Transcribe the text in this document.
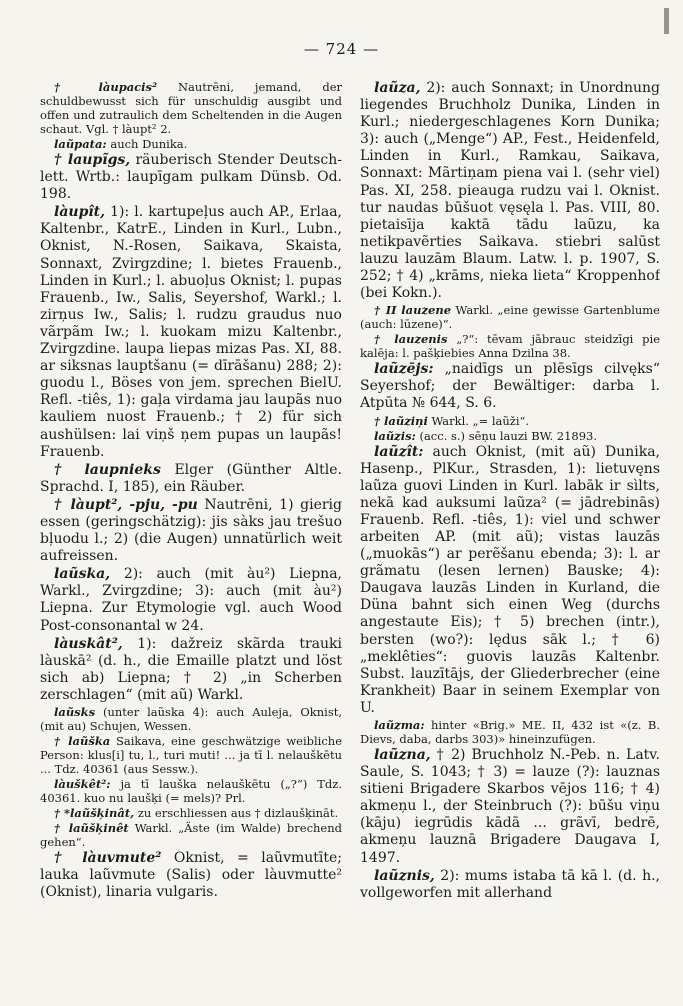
— 724 —

† làupacis² Nautrēni, jemand, der schuldbewusst sich für unschuldig ausgibt und offen und zutraulich dem Scheltenden in die Augen schaut. Vgl. † làupt² 2.

laũpata: auch Dunika.

† laupĩgs, räuberisch Stender Deutsch-lett. Wrtb.: laupīgam pulkam Dünsb. Od. 198.

làupît, 1): l. kartupeļus auch AP., Erlaa, Kaltenbr., KatrE., Linden in Kurl., Lubn., Oknist, N.-Rosen, Saikava, Skaista, Sonnaxt, Zvirgzdine; l. bietes Frauenb., Linden in Kurl.; l. abuoļus Oknist; l. pupas Frauenb., Iw., Salis, Seyershof, Warkl.; l. zirņus Iw., Salis; l. rudzu graudus nuo vãrpãm Iw.; l. kuokam mizu Kaltenbr., Zvirgzdine. laupa liepas mizas Pas. XI, 88. ar siksnas lauptšanu (= dīrāšanu) 288; 2): guodu l., Böses von jem. sprechen BielU. Refl. -tiês, 1): gaļa virdama jau laupãs nuo kauliem nuost Frauenb.; † 2) für sich aushülsen: lai viņš ņem pupas un laupãs! Frauenb.

† laupnieks Elger (Günther Altle. Sprachd. I, 185), ein Räuber.

† làupt², -pju, -pu Nautrēni, 1) gierig essen (geringschätzig): jis sàks jau trešuo bļuodu l.; 2) (die Augen) unnatürlich weit aufreissen.

laũska, 2): auch (mit àu²) Liepna, Warkl., Zvirgzdine; 3): auch (mit àu²) Liepna. Zur Etymologie vgl. auch Wood Post-consonantal w 24.

làuskât², 1): dažreiz skãrda trauki làuskā² (d. h., die Emaille platzt und löst sich ab) Liepna; † 2) „in Scherben zerschlagen“ (mit aũ) Warkl.

laũsks (unter laũska 4): auch Auleja, Oknist, (mit au) Schujen, Wessen.

† laũška Saikava, eine geschwätzige weibliche Person: klus[i] tu, l., turi muti! ... ja tī l. nelauškētu ... Tdz. 40361 (aus Sessw.).

làuškêt²: ja tī lauška nelauškētu („?“) Tdz. 40361. kuo nu laušķi (= mels)? Prl.

† *laũšķinât, zu erschliessen aus † dizlaušķināt.

† laũšķinêt Warkl. „Äste (im Walde) brechend gehen“.

† làuvmute² Oknist, = laũvmutīte; lauka laũvmute (Salis) oder làuvmutte² (Oknist), linaria vulgaris.

laũza, 2): auch Sonnaxt; in Unordnung liegendes Bruchholz Dunika, Linden in Kurl.; niedergeschlagenes Korn Dunika; 3): auch („Menge“) AP., Fest., Heidenfeld, Linden in Kurl., Ramkau, Saikava, Sonnaxt: Mãrtiņam piena vai l. (sehr viel) Pas. XI, 258. pieauga rudzu vai l. Oknist. tur naudas būšuot vęsęla l. Pas. VIII, 80. pietaisīja kaktā tādu laũzu, ka netikpavẽrties Saikava. stiebri salūst lauzu lauzām Blaum. Latw. l. p. 1907, S. 252; † 4) „krāms, nieka lieta“ Kroppenhof (bei Kokn.).

† II lauzene Warkl. „eine gewisse Gartenblume (auch: lūzene)“.

† lauzenis „?“: tēvam jābrauc steidzīgi pie kalēja: l. pašķiebies Anna Dzilna 38.

laũzējs: „naidīgs un plēsīgs cilvęks“ Seyershof; der Bewältiger: darba l. Atpūta № 644, S. 6.

† laũziņi Warkl. „= laũži“.

laũzis: (acc. s.) sēņu lauzi BW. 21893.

laũzît: auch Oknist, (mit aũ) Dunika, Hasenp., PlKur., Strasden, 1): lietuvęns laũza guovi Linden in Kurl. labāk ir sìlts, nekā kad auksumi laũza² (= jādrebinās) Frauenb. Refl. -tiês, 1): viel und schwer arbeiten AP. (mit aũ); vistas lauzās („muokās“) ar perẽšanu ebenda; 3): l. ar grãmatu (lesen lernen) Bauske; 4): Daugava lauzās Linden in Kurland, die Düna bahnt sich einen Weg (durchs angestaute Eis); † 5) brechen (intr.), bersten (wo?): lędus sāk l.; † 6) „meklêties“: guovis lauzās Kaltenbr. Subst. lauzītājs, der Gliederbrecher (eine Krankheit) Baar in seinem Exemplar von U.

laũzma: hinter «Brig.» ME. II, 432 ist «(z. B. Dievs, daba, darbs 303)» hineinzufügen.

laũzna, † 2) Bruchholz N.-Peb. n. Latv. Saule, S. 1043; † 3) = lauze (?): lauznas sitieni Brigadere Skarbos vējos 116; † 4) akmeņu l., der Steinbruch (?): būšu viņu (kāju) iegrūdis kādā ... grãvī, bedrē, akmeņu lauznā Brigadere Daugava I, 1497.

laũznis, 2): mums istaba tā kā l. (d. h., vollgeworfen mit allerhand
